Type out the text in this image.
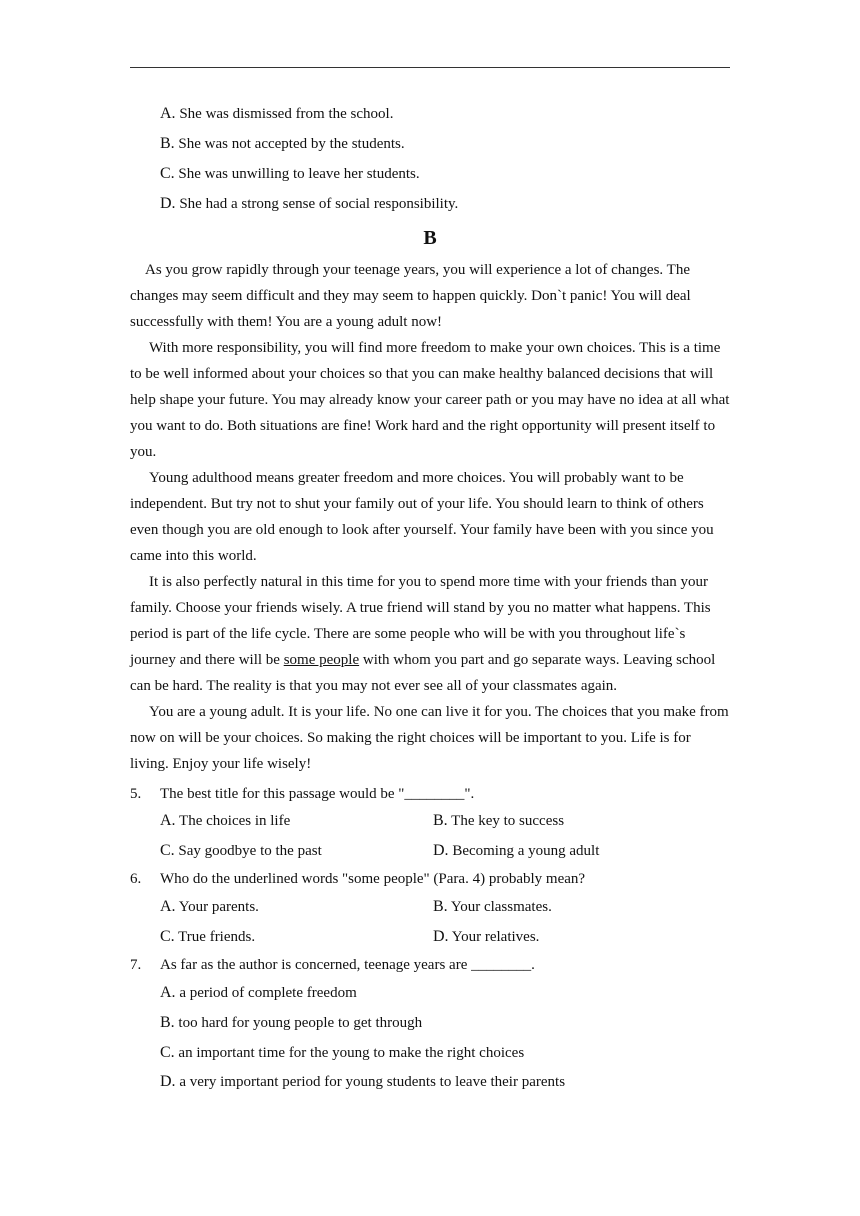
A. She was dismissed from the school.
B. She was not accepted by the students.
C. She was unwilling to leave her students.
D. She had a strong sense of social responsibility.
B

As you grow rapidly through your teenage years, you will experience a lot of changes. The changes may seem difficult and they may seem to happen quickly. Donˋt panic! You will deal successfully with them! You are a young adult now!

With more responsibility, you will find more freedom to make your own choices. This is a time to be well informed about your choices so that you can make healthy balanced decisions that will help shape your future. You may already know your career path or you may have no idea at all what you want to do. Both situations are fine! Work hard and the right opportunity will present itself to you.

Young adulthood means greater freedom and more choices. You will probably want to be independent. But try not to shut your family out of your life. You should learn to think of others even though you are old enough to look after yourself. Your family have been with you since you came into this world.

It is also perfectly natural in this time for you to spend more time with your friends than your family. Choose your friends wisely. A true friend will stand by you no matter what happens. This period is part of the life cycle. There are some people who will be with you throughout lifeˋs journey and there will be some people with whom you part and go separate ways. Leaving school can be hard. The reality is that you may not ever see all of your classmates again.

You are a young adult. It is your life. No one can live it for you. The choices that you make from now on will be your choices. So making the right choices will be important to you. Life is for living. Enjoy your life wisely!

5. The best title for this passage would be "________".
A. The choices in life	B. The key to success
C. Say goodbye to the past	D. Becoming a young adult
6. Who do the underlined words "some people" (Para. 4) probably mean?
A. Your parents.	B. Your classmates.
C. True friends.	D. Your relatives.
7. As far as the author is concerned, teenage years are ________.
A. a period of complete freedom
B. too hard for young people to get through
C. an important time for the young to make the right choices
D. a very important period for young students to leave their parents
